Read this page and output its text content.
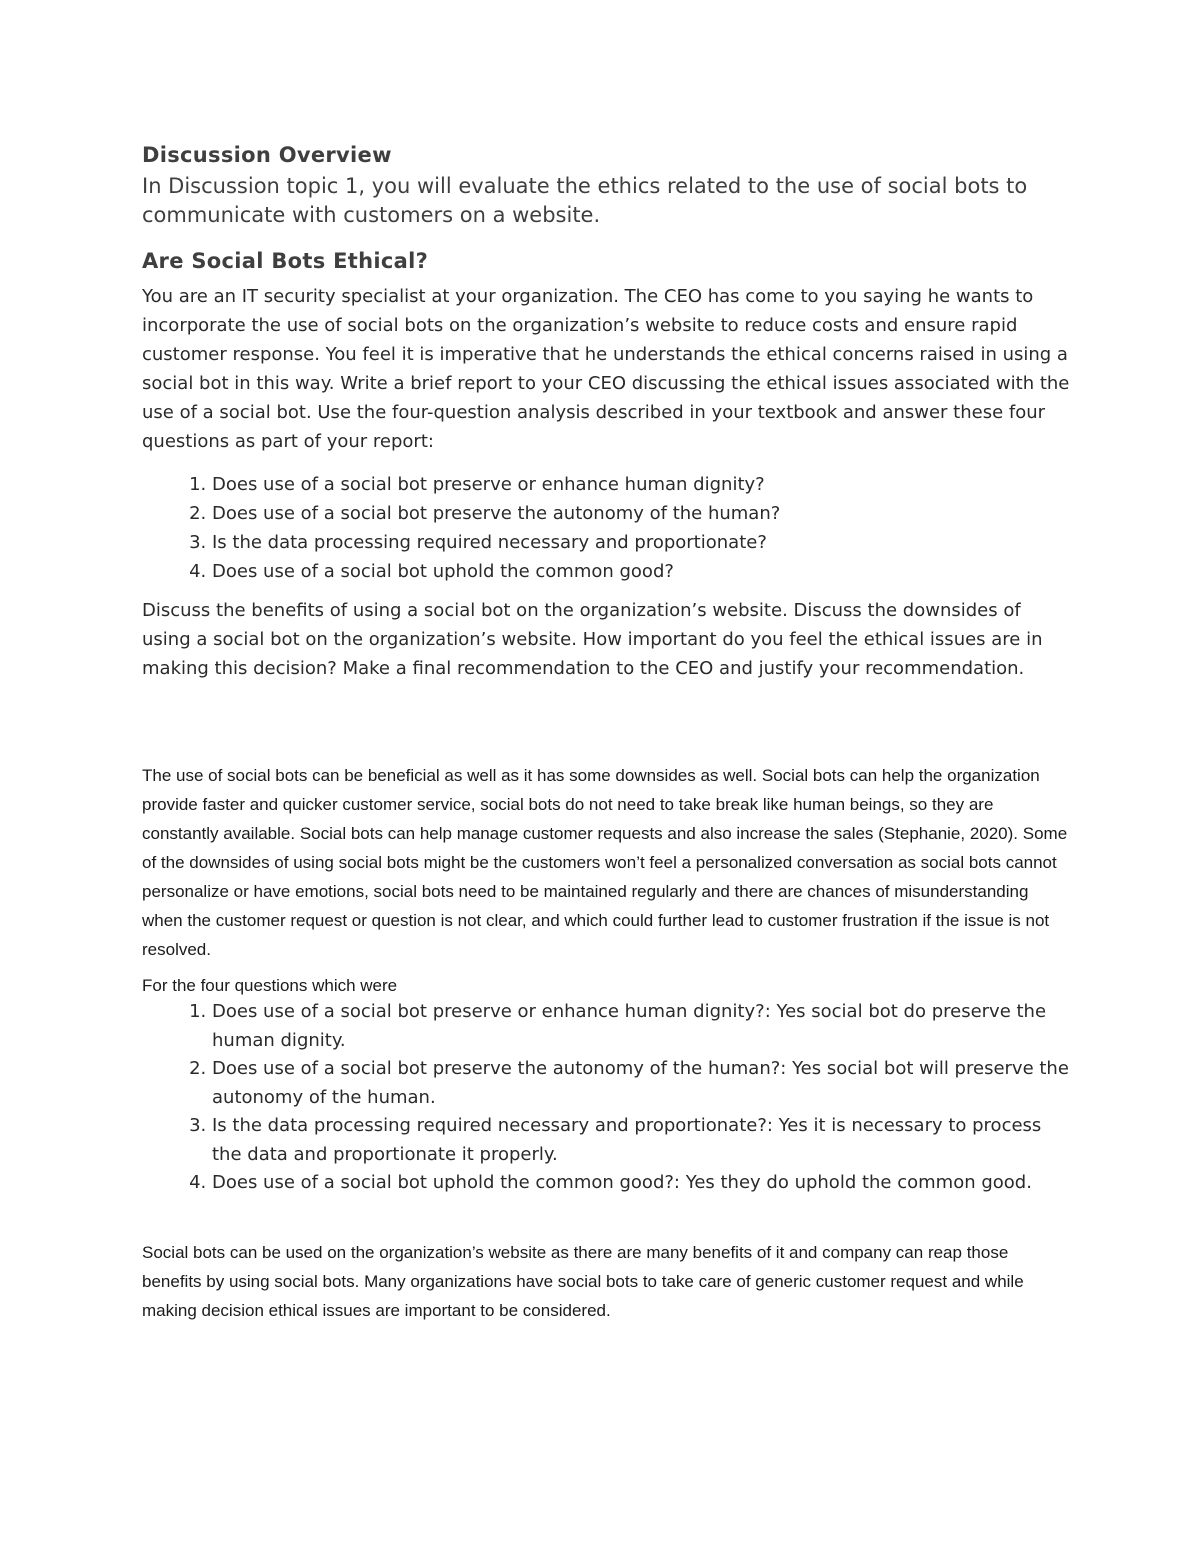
Discussion Overview

In Discussion topic 1, you will evaluate the ethics related to the use of social bots to communicate with customers on a website.

Are Social Bots Ethical?

You are an IT security specialist at your organization. The CEO has come to you saying he wants to incorporate the use of social bots on the organization’s website to reduce costs and ensure rapid customer response. You feel it is imperative that he understands the ethical concerns raised in using a social bot in this way. Write a brief report to your CEO discussing the ethical issues associated with the use of a social bot. Use the four-question analysis described in your textbook and answer these four questions as part of your report:

1. Does use of a social bot preserve or enhance human dignity?
2. Does use of a social bot preserve the autonomy of the human?
3. Is the data processing required necessary and proportionate?
4. Does use of a social bot uphold the common good?

Discuss the benefits of using a social bot on the organization’s website. Discuss the downsides of using a social bot on the organization’s website. How important do you feel the ethical issues are in making this decision? Make a final recommendation to the CEO and justify your recommendation.

The use of social bots can be beneficial as well as it has some downsides as well. Social bots can help the organization provide faster and quicker customer service, social bots do not need to take break like human beings, so they are constantly available. Social bots can help manage customer requests and also increase the sales (Stephanie, 2020). Some of the downsides of using social bots might be the customers won’t feel a personalized conversation as social bots cannot personalize or have emotions, social bots need to be maintained regularly and there are chances of misunderstanding when the customer request or question is not clear, and which could further lead to customer frustration if the issue is not resolved.

For the four questions which were

1. Does use of a social bot preserve or enhance human dignity?: Yes social bot do preserve the human dignity.
2. Does use of a social bot preserve the autonomy of the human?: Yes social bot will preserve the autonomy of the human.
3. Is the data processing required necessary and proportionate?: Yes it is necessary to process the data and proportionate it properly.
4. Does use of a social bot uphold the common good?: Yes they do uphold the common good.

Social bots can be used on the organization’s website as there are many benefits of it and company can reap those benefits by using social bots. Many organizations have social bots to take care of generic customer request and while making decision ethical issues are important to be considered.
